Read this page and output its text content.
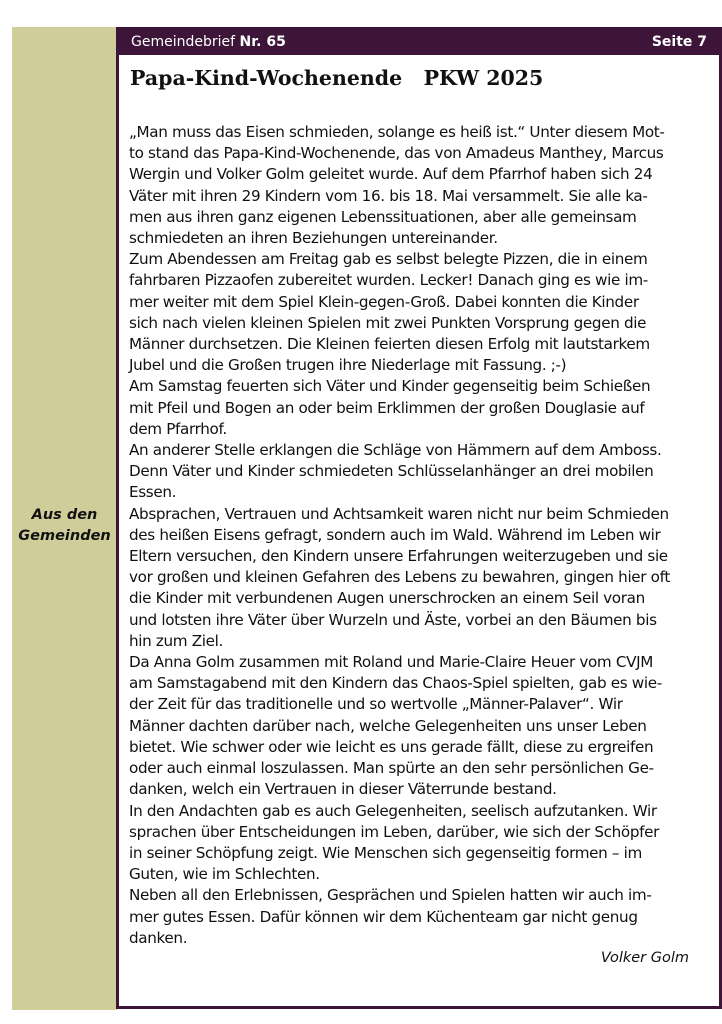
Aus den
Gemeinden
Gemeindebrief Nr. 65	Seite 7
Papa-Kind-Wochenende   PKW 2025
„Man muss das Eisen schmieden, solange es heiß ist.“ Unter diesem Mot-
to stand das Papa-Kind-Wochenende, das von Amadeus Manthey, Marcus
Wergin und Volker Golm geleitet wurde. Auf dem Pfarrhof haben sich 24
Väter mit ihren 29 Kindern vom 16. bis 18. Mai versammelt. Sie alle ka-
men aus ihren ganz eigenen Lebenssituationen, aber alle gemeinsam
schmiedeten an ihren Beziehungen untereinander.
Zum Abendessen am Freitag gab es selbst belegte Pizzen, die in einem
fahrbaren Pizzaofen zubereitet wurden. Lecker! Danach ging es wie im-
mer weiter mit dem Spiel Klein-gegen-Groß. Dabei konnten die Kinder
sich nach vielen kleinen Spielen mit zwei Punkten Vorsprung gegen die
Männer durchsetzen. Die Kleinen feierten diesen Erfolg mit lautstarkem
Jubel und die Großen trugen ihre Niederlage mit Fassung. ;-)
Am Samstag feuerten sich Väter und Kinder gegenseitig beim Schießen
mit Pfeil und Bogen an oder beim Erklimmen der großen Douglasie auf
dem Pfarrhof.
An anderer Stelle erklangen die Schläge von Hämmern auf dem Amboss.
Denn Väter und Kinder schmiedeten Schlüsselanhänger an drei mobilen
Essen.
Absprachen, Vertrauen und Achtsamkeit waren nicht nur beim Schmieden
des heißen Eisens gefragt, sondern auch im Wald. Während im Leben wir
Eltern versuchen, den Kindern unsere Erfahrungen weiterzugeben und sie
vor großen und kleinen Gefahren des Lebens zu bewahren, gingen hier oft
die Kinder mit verbundenen Augen unerschrocken an einem Seil voran
und lotsten ihre Väter über Wurzeln und Äste, vorbei an den Bäumen bis
hin zum Ziel.
Da Anna Golm zusammen mit Roland und Marie-Claire Heuer vom CVJM
am Samstagabend mit den Kindern das Chaos-Spiel spielten, gab es wie-
der Zeit für das traditionelle und so wertvolle „Männer-Palaver“. Wir
Männer dachten darüber nach, welche Gelegenheiten uns unser Leben
bietet. Wie schwer oder wie leicht es uns gerade fällt, diese zu ergreifen
oder auch einmal loszulassen. Man spürte an den sehr persönlichen Ge-
danken, welch ein Vertrauen in dieser Väterrunde bestand.
In den Andachten gab es auch Gelegenheiten, seelisch aufzutanken. Wir
sprachen über Entscheidungen im Leben, darüber, wie sich der Schöpfer
in seiner Schöpfung zeigt. Wie Menschen sich gegenseitig formen – im
Guten, wie im Schlechten.
Neben all den Erlebnissen, Gesprächen und Spielen hatten wir auch im-
mer gutes Essen. Dafür können wir dem Küchenteam gar nicht genug
danken.
Volker Golm
